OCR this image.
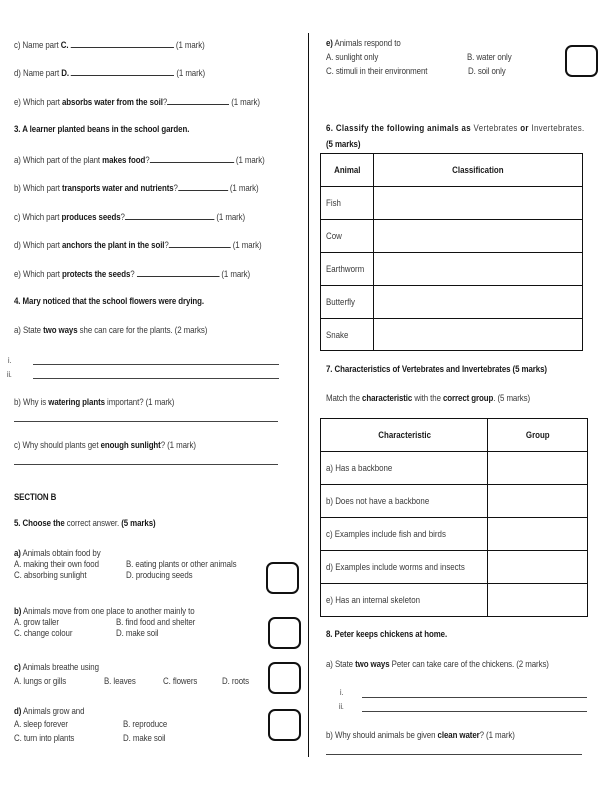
c) Name part C.	(1 mark)
d) Name part D.	(1 mark)
e) Which part absorbs water from the soil?	(1 mark)
3. A learner planted beans in the school garden.
a) Which part of the plant makes food?	(1 mark)
b) Which part transports water and nutrients?	(1 mark)
c) Which part produces seeds?	(1 mark)
d) Which part anchors the plant in the soil?	(1 mark)
e) Which part protects the seeds?	(1 mark)
4. Mary noticed that the school flowers were drying.
a) State two ways she can care for the plants. (2 marks)
i.
ii.
b) Why is watering plants important? (1 mark)
c) Why should plants get enough sunlight? (1 mark)
SECTION B
5. Choose the correct answer. (5 marks)
a) Animals obtain food by
A. making their own food	B. eating plants or other animals
C. absorbing sunlight	D. producing seeds
b) Animals move from one place to another mainly to
A. grow taller	B. find food and shelter
C. change colour	D. make soil
c) Animals breathe using
A. lungs or gills	B. leaves	C. flowers	D. roots
d) Animals grow and
A. sleep forever	B. reproduce
C. turn into plants	D. make soil
e) Animals respond to
A. sunlight only	B. water only
C. stimuli in their environment	D. soil only
6. Classify the following animals as Vertebrates or Invertebrates.
(5 marks)
Animal	Classification
Fish	
Cow	
Earthworm	
Butterfly	
Snake	
7. Characteristics of Vertebrates and Invertebrates (5 marks)
Match the characteristic with the correct group. (5 marks)
Characteristic	Group
a) Has a backbone	
b) Does not have a backbone	
c) Examples include fish and birds	
d) Examples include worms and insects	
e) Has an internal skeleton	
8. Peter keeps chickens at home.
a) State two ways Peter can take care of the chickens. (2 marks)
i.
ii.
b) Why should animals be given clean water? (1 mark)
